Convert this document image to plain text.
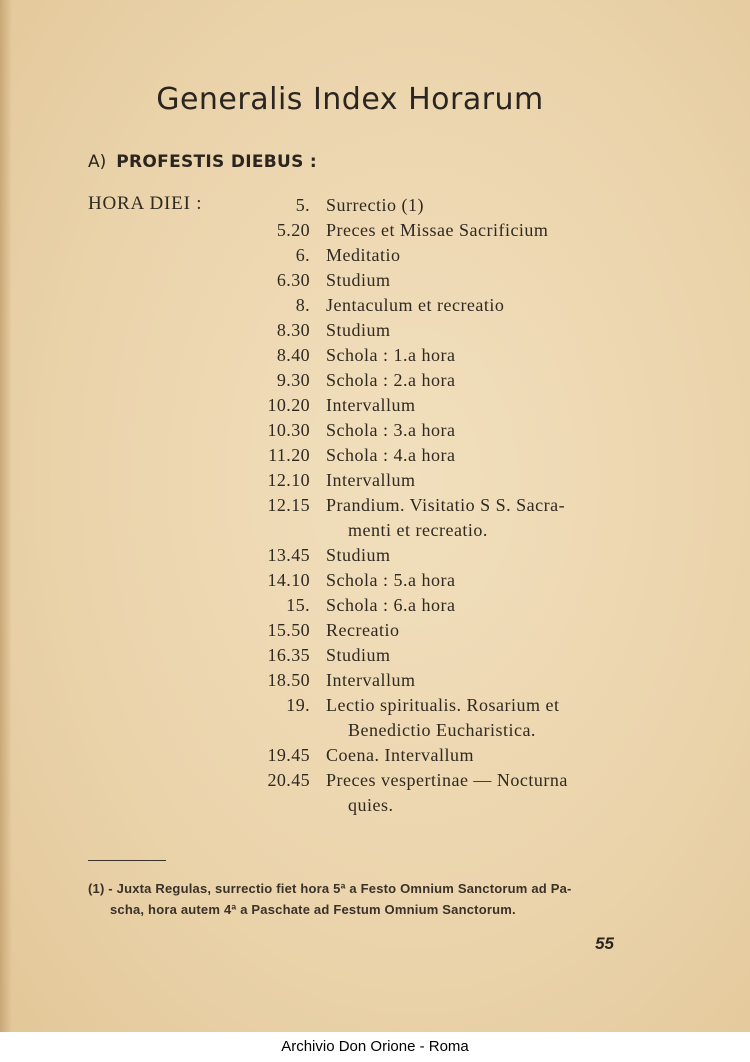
Generalis Index Horarum
A) PROFESTIS DIEBUS :
HORA DIEI :	5. Surrectio (1)
5.20 Preces et Missae Sacrificium
6. Meditatio
6.30 Studium
8. Jentaculum et recreatio
8.30 Studium
8.40 Schola : 1.a hora
9.30 Schola : 2.a hora
10.20 Intervallum
10.30 Schola : 3.a hora
11.20 Schola : 4.a hora
12.10 Intervallum
12.15 Prandium. Visitatio S S. Sacra-
menti et recreatio.
13.45 Studium
14.10 Schola : 5.a hora
15. Schola : 6.a hora
15.50 Recreatio
16.35 Studium
18.50 Intervallum
19. Lectio spiritualis. Rosarium et
Benedictio Eucharistica.
19.45 Coena. Intervallum
20.45 Preces vespertinae — Nocturna
quies.
(1) - Juxta Regulas, surrectio fiet hora 5ª a Festo Omnium Sanctorum ad Pa-
scha, hora autem 4ª a Paschate ad Festum Omnium Sanctorum.
55
Archivio Don Orione - Roma
